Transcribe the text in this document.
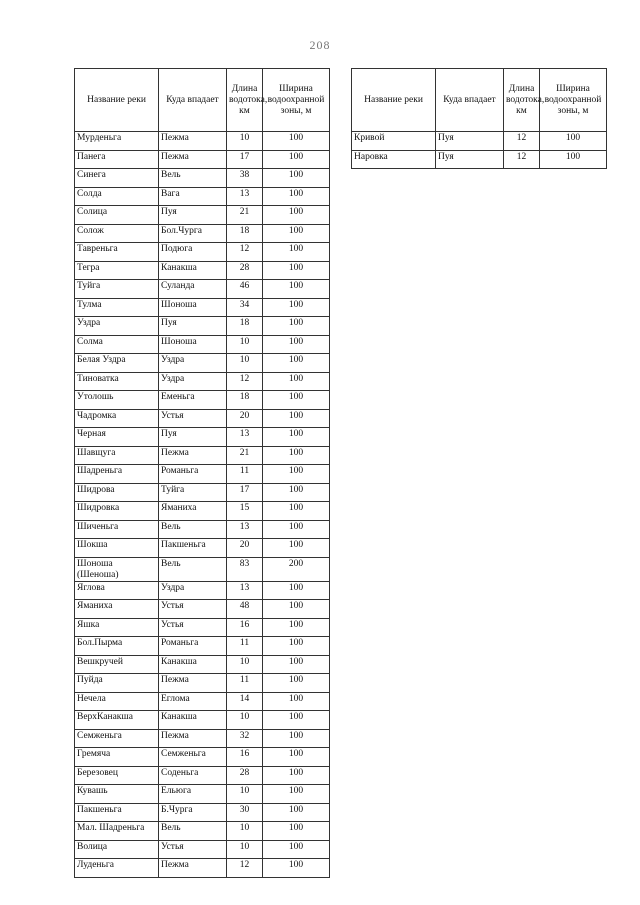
208
Название реки	Куда впадает	Длина водотока, км	Ширина водоохранной зоны, м
Мурденьга	Пежма	10	100
Панега	Пежма	17	100
Синега	Вель	38	100
Солда	Вага	13	100
Солица	Пуя	21	100
Солож	Бол.Чурга	18	100
Тавреньга	Подюга	12	100
Тегра	Канакша	28	100
Туйга	Суланда	46	100
Тулма	Шоноша	34	100
Уздра	Пуя	18	100
Солма	Шоноша	10	100
Белая Уздра	Уздра	10	100
Тиноватка	Уздра	12	100
Утолошь	Еменьга	18	100
Чадромка	Устья	20	100
Черная	Пуя	13	100
Шавщуга	Пежма	21	100
Шадреньга	Романьга	11	100
Шидрова	Туйга	17	100
Шидровка	Яманиха	15	100
Шиченьга	Вель	13	100
Шокша	Пакшеньга	20	100
Шоноша (Шеноша)	Вель	83	200
Яглова	Уздра	13	100
Яманиха	Устья	48	100
Яшка	Устья	16	100
Бол.Пырма	Романьга	11	100
Вешкручей	Канакша	10	100
Пуйда	Пежма	11	100
Нечела	Еглома	14	100
ВерхКанакша	Канакша	10	100
Семженьга	Пежма	32	100
Гремяча	Семженьга	16	100
Березовец	Соденьга	28	100
Кувашь	Ельюга	10	100
Пакшеньга	Б.Чурга	30	100
Мал. Шадреньга	Вель	10	100
Волица	Устья	10	100
Луденьга	Пежма	12	100
Название реки	Куда впадает	Длина водотока, км	Ширина водоохранной зоны, м
Кривой	Пуя	12	100
Наровка	Пуя	12	100
